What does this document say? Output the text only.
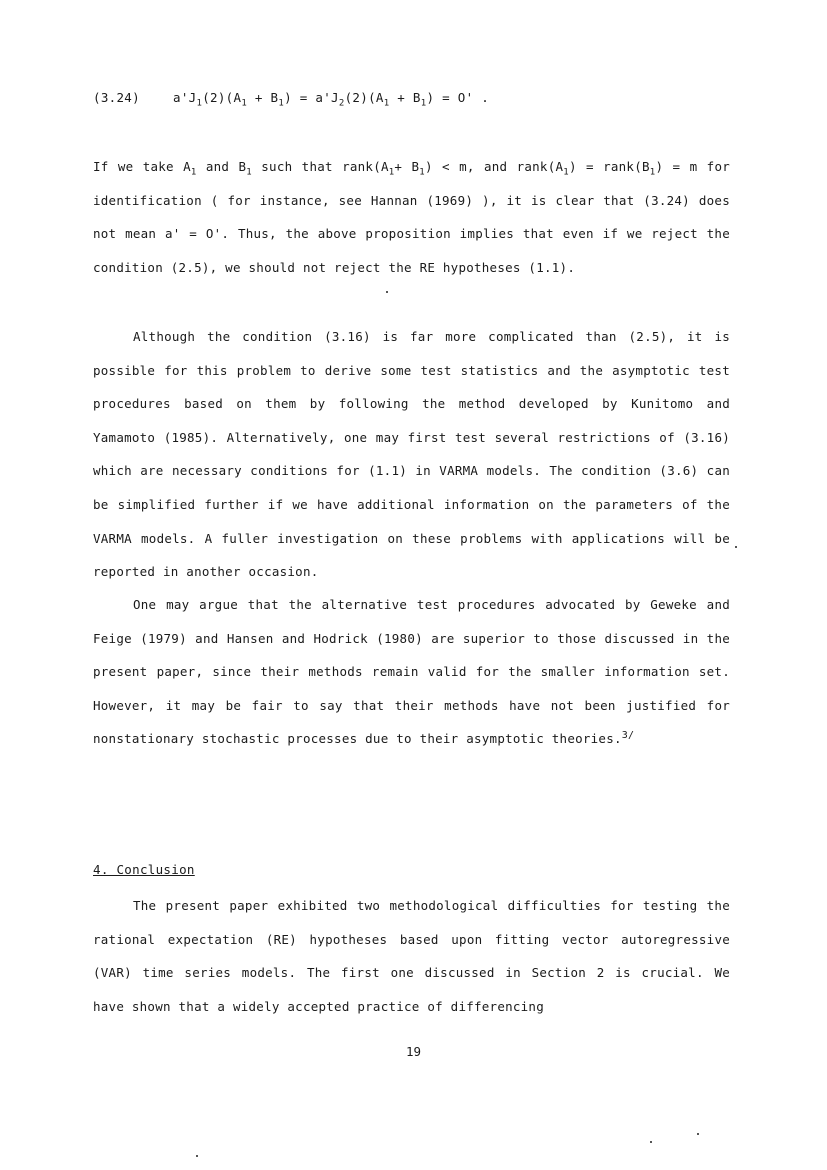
(3.24)	$a'J_1(2)(A_1 + B_1) = a'J_2(2)(A_1 + B_1) = O'$ .
If we take $A_1$ and $B_1$ such that $rank(A_1+ B_1) < m$, and $rank(A_1)$ = $rank(B_1) = m$ for identification ( for instance, see Hannan (1969) ), it is clear that (3.24) does not mean a' = O'. Thus, the above proposition implies that even if we reject the condition (2.5), we should not reject the RE hypotheses (1.1).
Although the condition (3.16) is far more complicated than (2.5), it is possible for this problem to derive some test statistics and the asymptotic test procedures based on them by following the method developed by Kunitomo and Yamamoto (1985). Alternatively, one may first test several restrictions of (3.16) which are necessary conditions for (1.1) in VARMA models. The condition (3.6) can be simplified further if we have additional information on the parameters of the VARMA models. A fuller investigation on these problems with applications will be reported in another occasion.
One may argue that the alternative test procedures advocated by Geweke and Feige (1979) and Hansen and Hodrick (1980) are superior to those discussed in the present paper, since their methods remain valid for the smaller information set. However, it may be fair to say that their methods have not been justified for nonstationary stochastic processes due to their asymptotic theories.$^{3/}$
4. Conclusion
The present paper exhibited two methodological difficulties for testing the rational expectation (RE) hypotheses based upon fitting vector autoregressive (VAR) time series models. The first one discussed in Section 2 is crucial. We have shown that a widely accepted practice of differencing
19
